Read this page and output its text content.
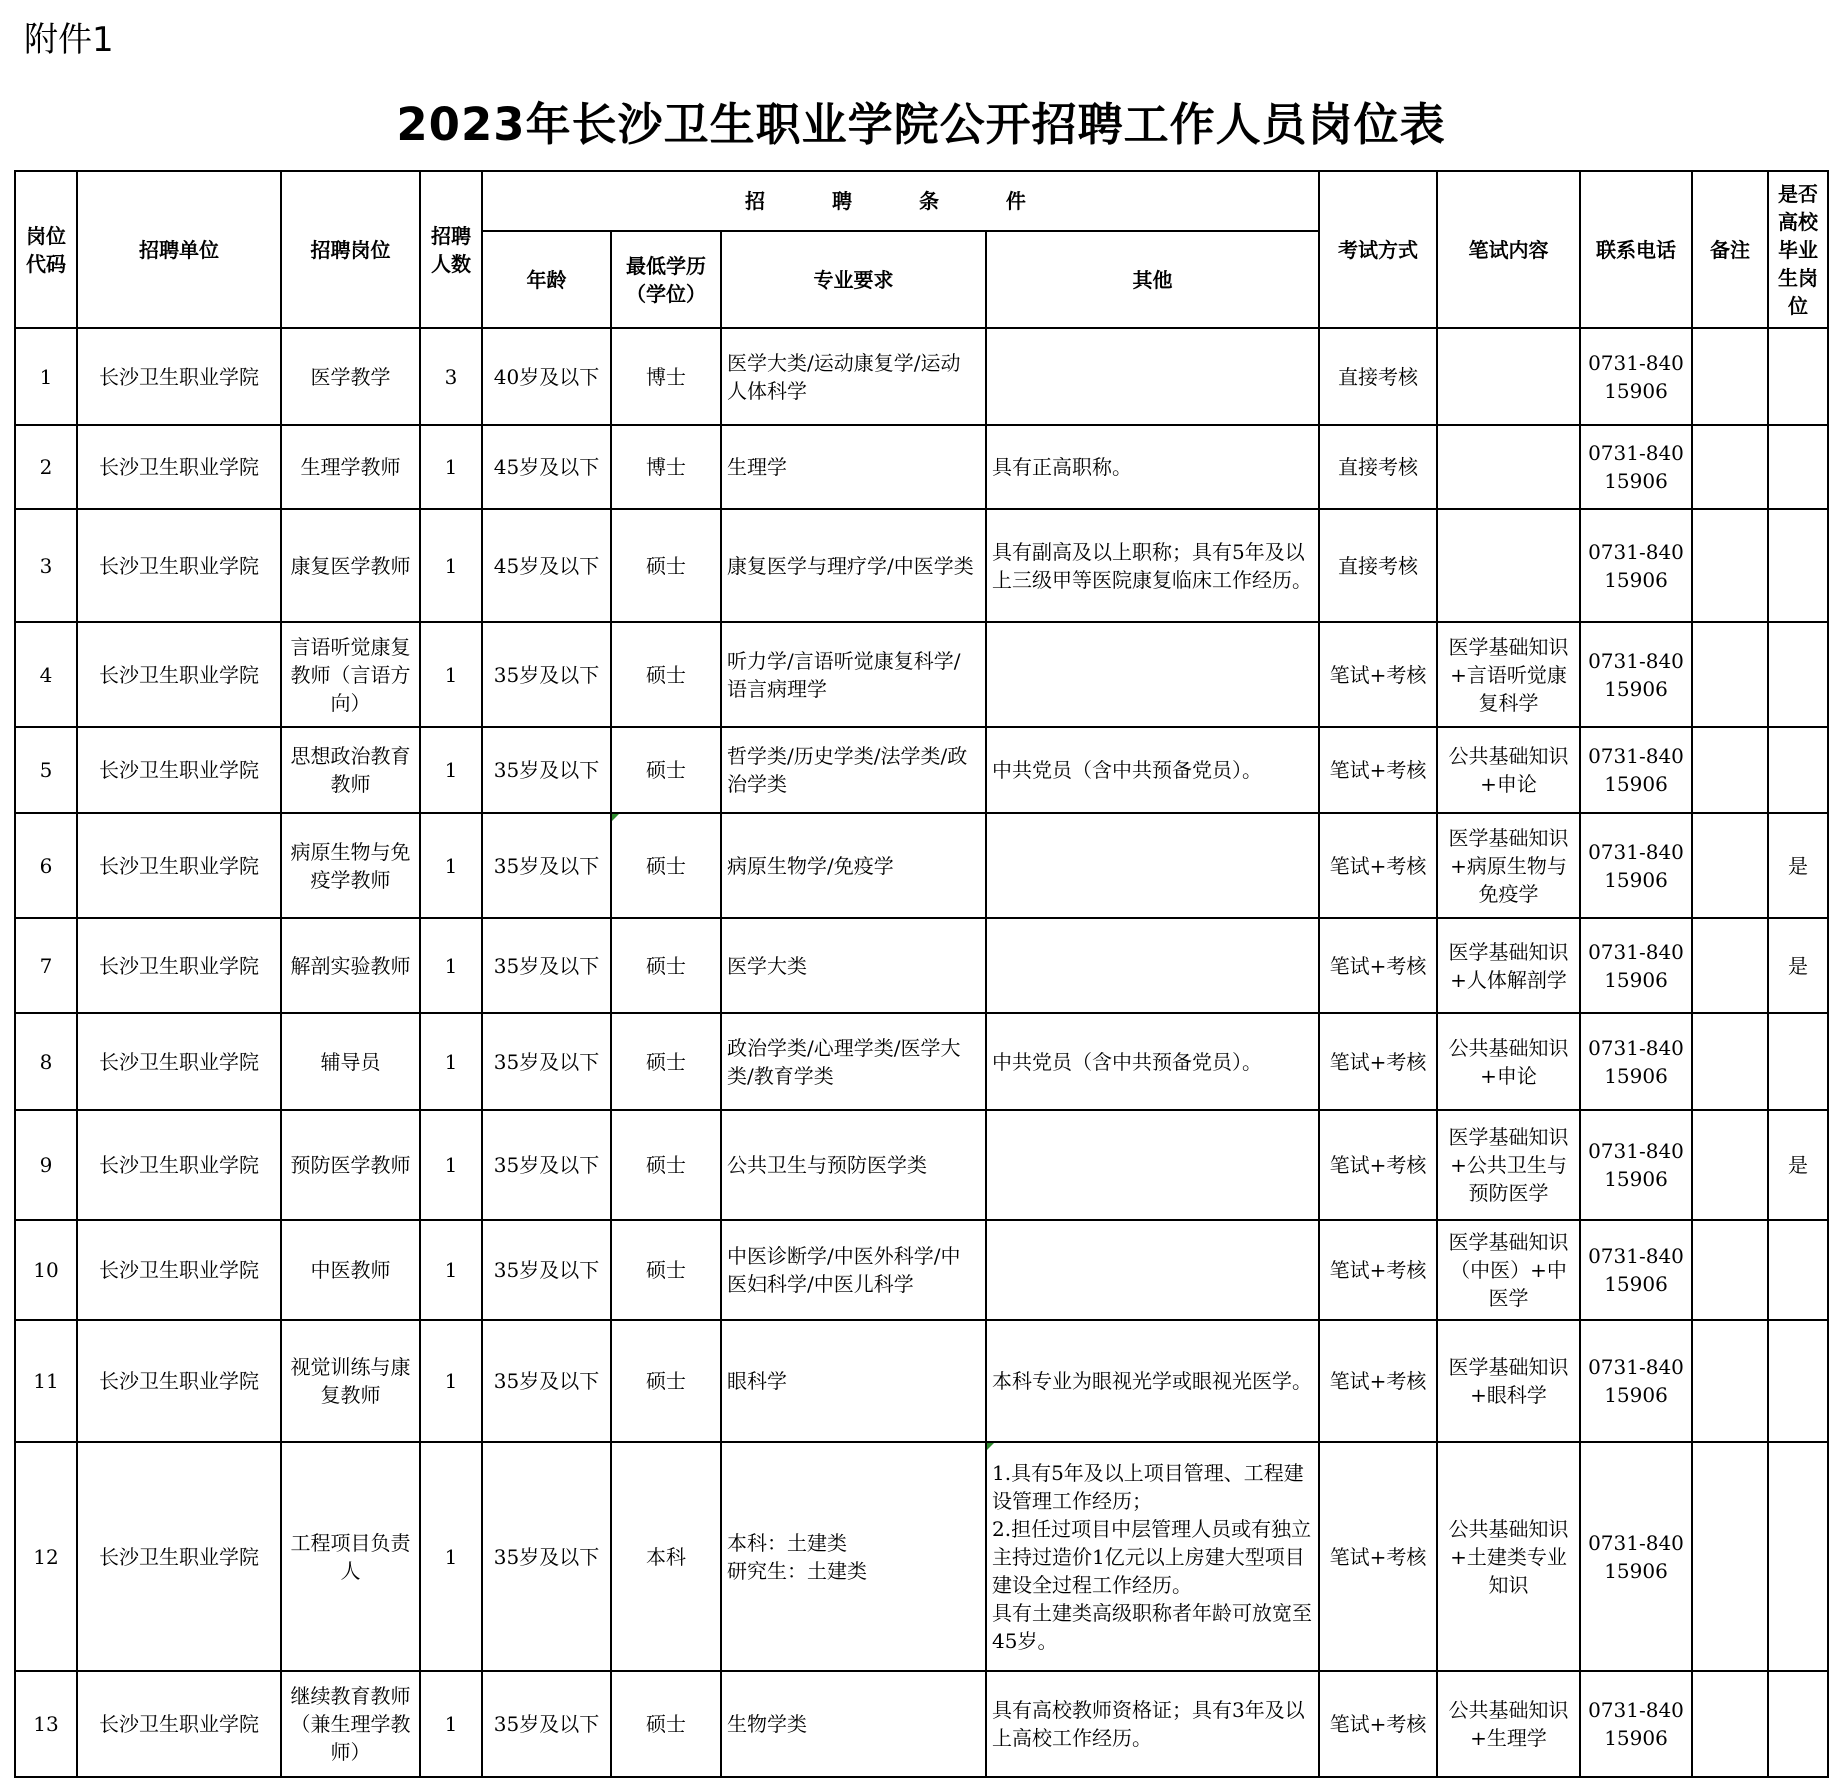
附件1
2023年长沙卫生职业学院公开招聘工作人员岗位表
岗位代码	招聘单位	招聘岗位	招聘人数	招 聘 条 件				考试方式	笔试内容	联系电话	备注	是否高校毕业生岗位
				年龄	最低学历（学位）	专业要求	其他					
1	长沙卫生职业学院	医学教学	3	40岁及以下	博士	医学大类/运动康复学/运动人体科学		直接考核		0731-84015906		
2	长沙卫生职业学院	生理学教师	1	45岁及以下	博士	生理学	具有正高职称。	直接考核		0731-84015906		
3	长沙卫生职业学院	康复医学教师	1	45岁及以下	硕士	康复医学与理疗学/中医学类	具有副高及以上职称；具有5年及以上三级甲等医院康复临床工作经历。	直接考核		0731-84015906		
4	长沙卫生职业学院	言语听觉康复教师（言语方向）	1	35岁及以下	硕士	听力学/言语听觉康复科学/语言病理学		笔试+考核	医学基础知识+言语听觉康复科学	0731-84015906		
5	长沙卫生职业学院	思想政治教育教师	1	35岁及以下	硕士	哲学类/历史学类/法学类/政治学类	中共党员（含中共预备党员）。	笔试+考核	公共基础知识+申论	0731-84015906		
6	长沙卫生职业学院	病原生物与免疫学教师	1	35岁及以下	硕士	病原生物学/免疫学		笔试+考核	医学基础知识+病原生物与免疫学	0731-84015906		是
7	长沙卫生职业学院	解剖实验教师	1	35岁及以下	硕士	医学大类		笔试+考核	医学基础知识+人体解剖学	0731-84015906		是
8	长沙卫生职业学院	辅导员	1	35岁及以下	硕士	政治学类/心理学类/医学大类/教育学类	中共党员（含中共预备党员）。	笔试+考核	公共基础知识+申论	0731-84015906		
9	长沙卫生职业学院	预防医学教师	1	35岁及以下	硕士	公共卫生与预防医学类		笔试+考核	医学基础知识+公共卫生与预防医学	0731-84015906		是
10	长沙卫生职业学院	中医教师	1	35岁及以下	硕士	中医诊断学/中医外科学/中医妇科学/中医儿科学		笔试+考核	医学基础知识（中医）+中医学	0731-84015906		
11	长沙卫生职业学院	视觉训练与康复教师	1	35岁及以下	硕士	眼科学	本科专业为眼视光学或眼视光医学。	笔试+考核	医学基础知识+眼科学	0731-84015906		
12	长沙卫生职业学院	工程项目负责人	1	35岁及以下	本科	本科：土建类
研究生：土建类	1.具有5年及以上项目管理、工程建设管理工作经历；
2.担任过项目中层管理人员或有独立主持过造价1亿元以上房建大型项目建设全过程工作经历。
具有土建类高级职称者年龄可放宽至45岁。	笔试+考核	公共基础知识+土建类专业知识	0731-84015906		
13	长沙卫生职业学院	继续教育教师（兼生理学教师）	1	35岁及以下	硕士	生物学类	具有高校教师资格证；具有3年及以上高校工作经历。	笔试+考核	公共基础知识+生理学	0731-84015906		
